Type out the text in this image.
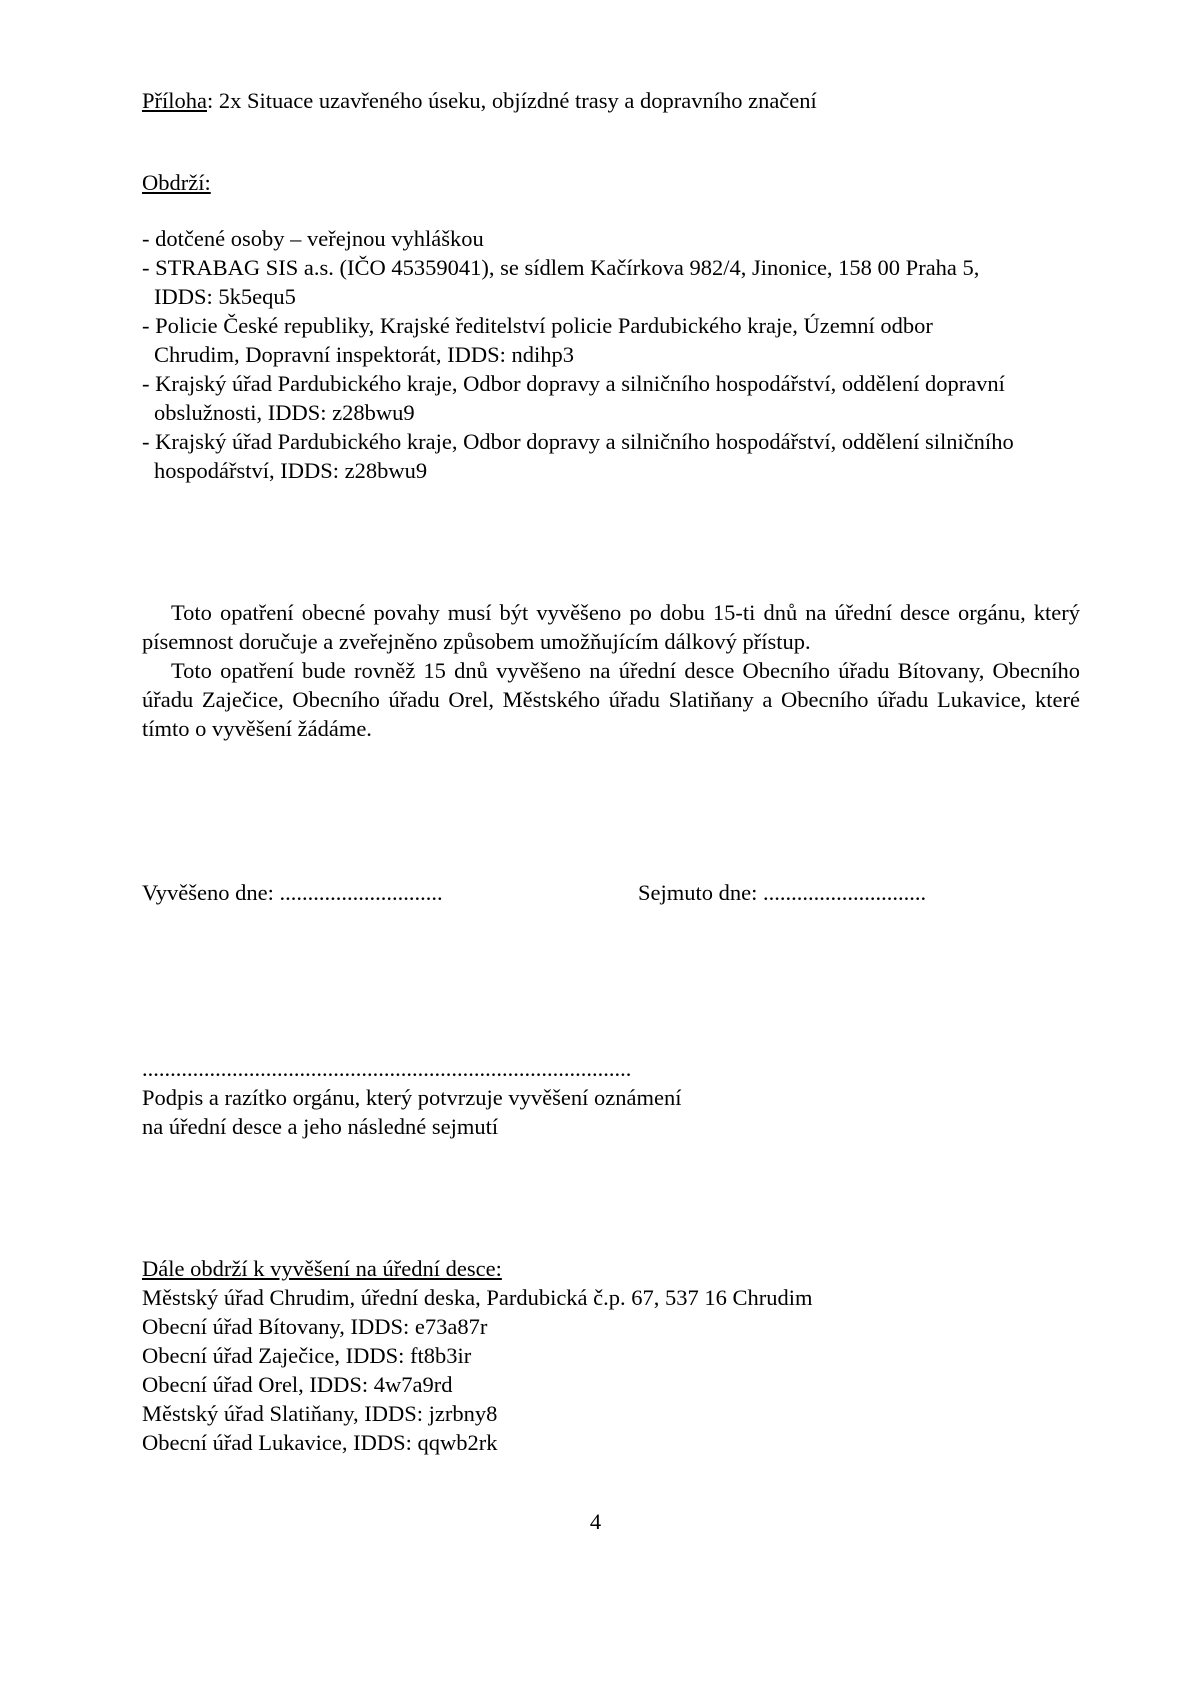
Příloha: 2x Situace uzavřeného úseku, objízdné trasy a dopravního značení
Obdrží:
- dotčené osoby – veřejnou vyhláškou
- STRABAG SIS a.s. (IČO 45359041), se sídlem Kačírkova 982/4, Jinonice, 158 00 Praha 5,
IDDS: 5k5equ5
- Policie České republiky, Krajské ředitelství policie Pardubického kraje, Územní odbor
Chrudim, Dopravní inspektorát, IDDS: ndihp3
- Krajský úřad Pardubického kraje, Odbor dopravy a silničního hospodářství, oddělení dopravní
obslužnosti, IDDS: z28bwu9
- Krajský úřad Pardubického kraje, Odbor dopravy a silničního hospodářství, oddělení silničního
hospodářství, IDDS: z28bwu9
Toto opatření obecné povahy musí být vyvěšeno po dobu 15-ti dnů na úřední desce orgánu, který písemnost doručuje a zveřejněno způsobem umožňujícím dálkový přístup.
Toto opatření bude rovněž 15 dnů vyvěšeno na úřední desce Obecního úřadu Bítovany, Obecního úřadu Zaječice, Obecního úřadu Orel, Městského úřadu Slatiňany a Obecního úřadu Lukavice, které tímto o vyvěšení žádáme.
Vyvěšeno dne: .............................	Sejmuto dne: .............................
.......................................................................................
Podpis a razítko orgánu, který potvrzuje vyvěšení oznámení
na úřední desce a jeho následné sejmutí
Dále obdrží k vyvěšení na úřední desce:
Městský úřad Chrudim, úřední deska, Pardubická č.p. 67, 537 16 Chrudim
Obecní úřad Bítovany, IDDS: e73a87r
Obecní úřad Zaječice, IDDS: ft8b3ir
Obecní úřad Orel, IDDS: 4w7a9rd
Městský úřad Slatiňany, IDDS: jzrbny8
Obecní úřad Lukavice, IDDS: qqwb2rk
4
